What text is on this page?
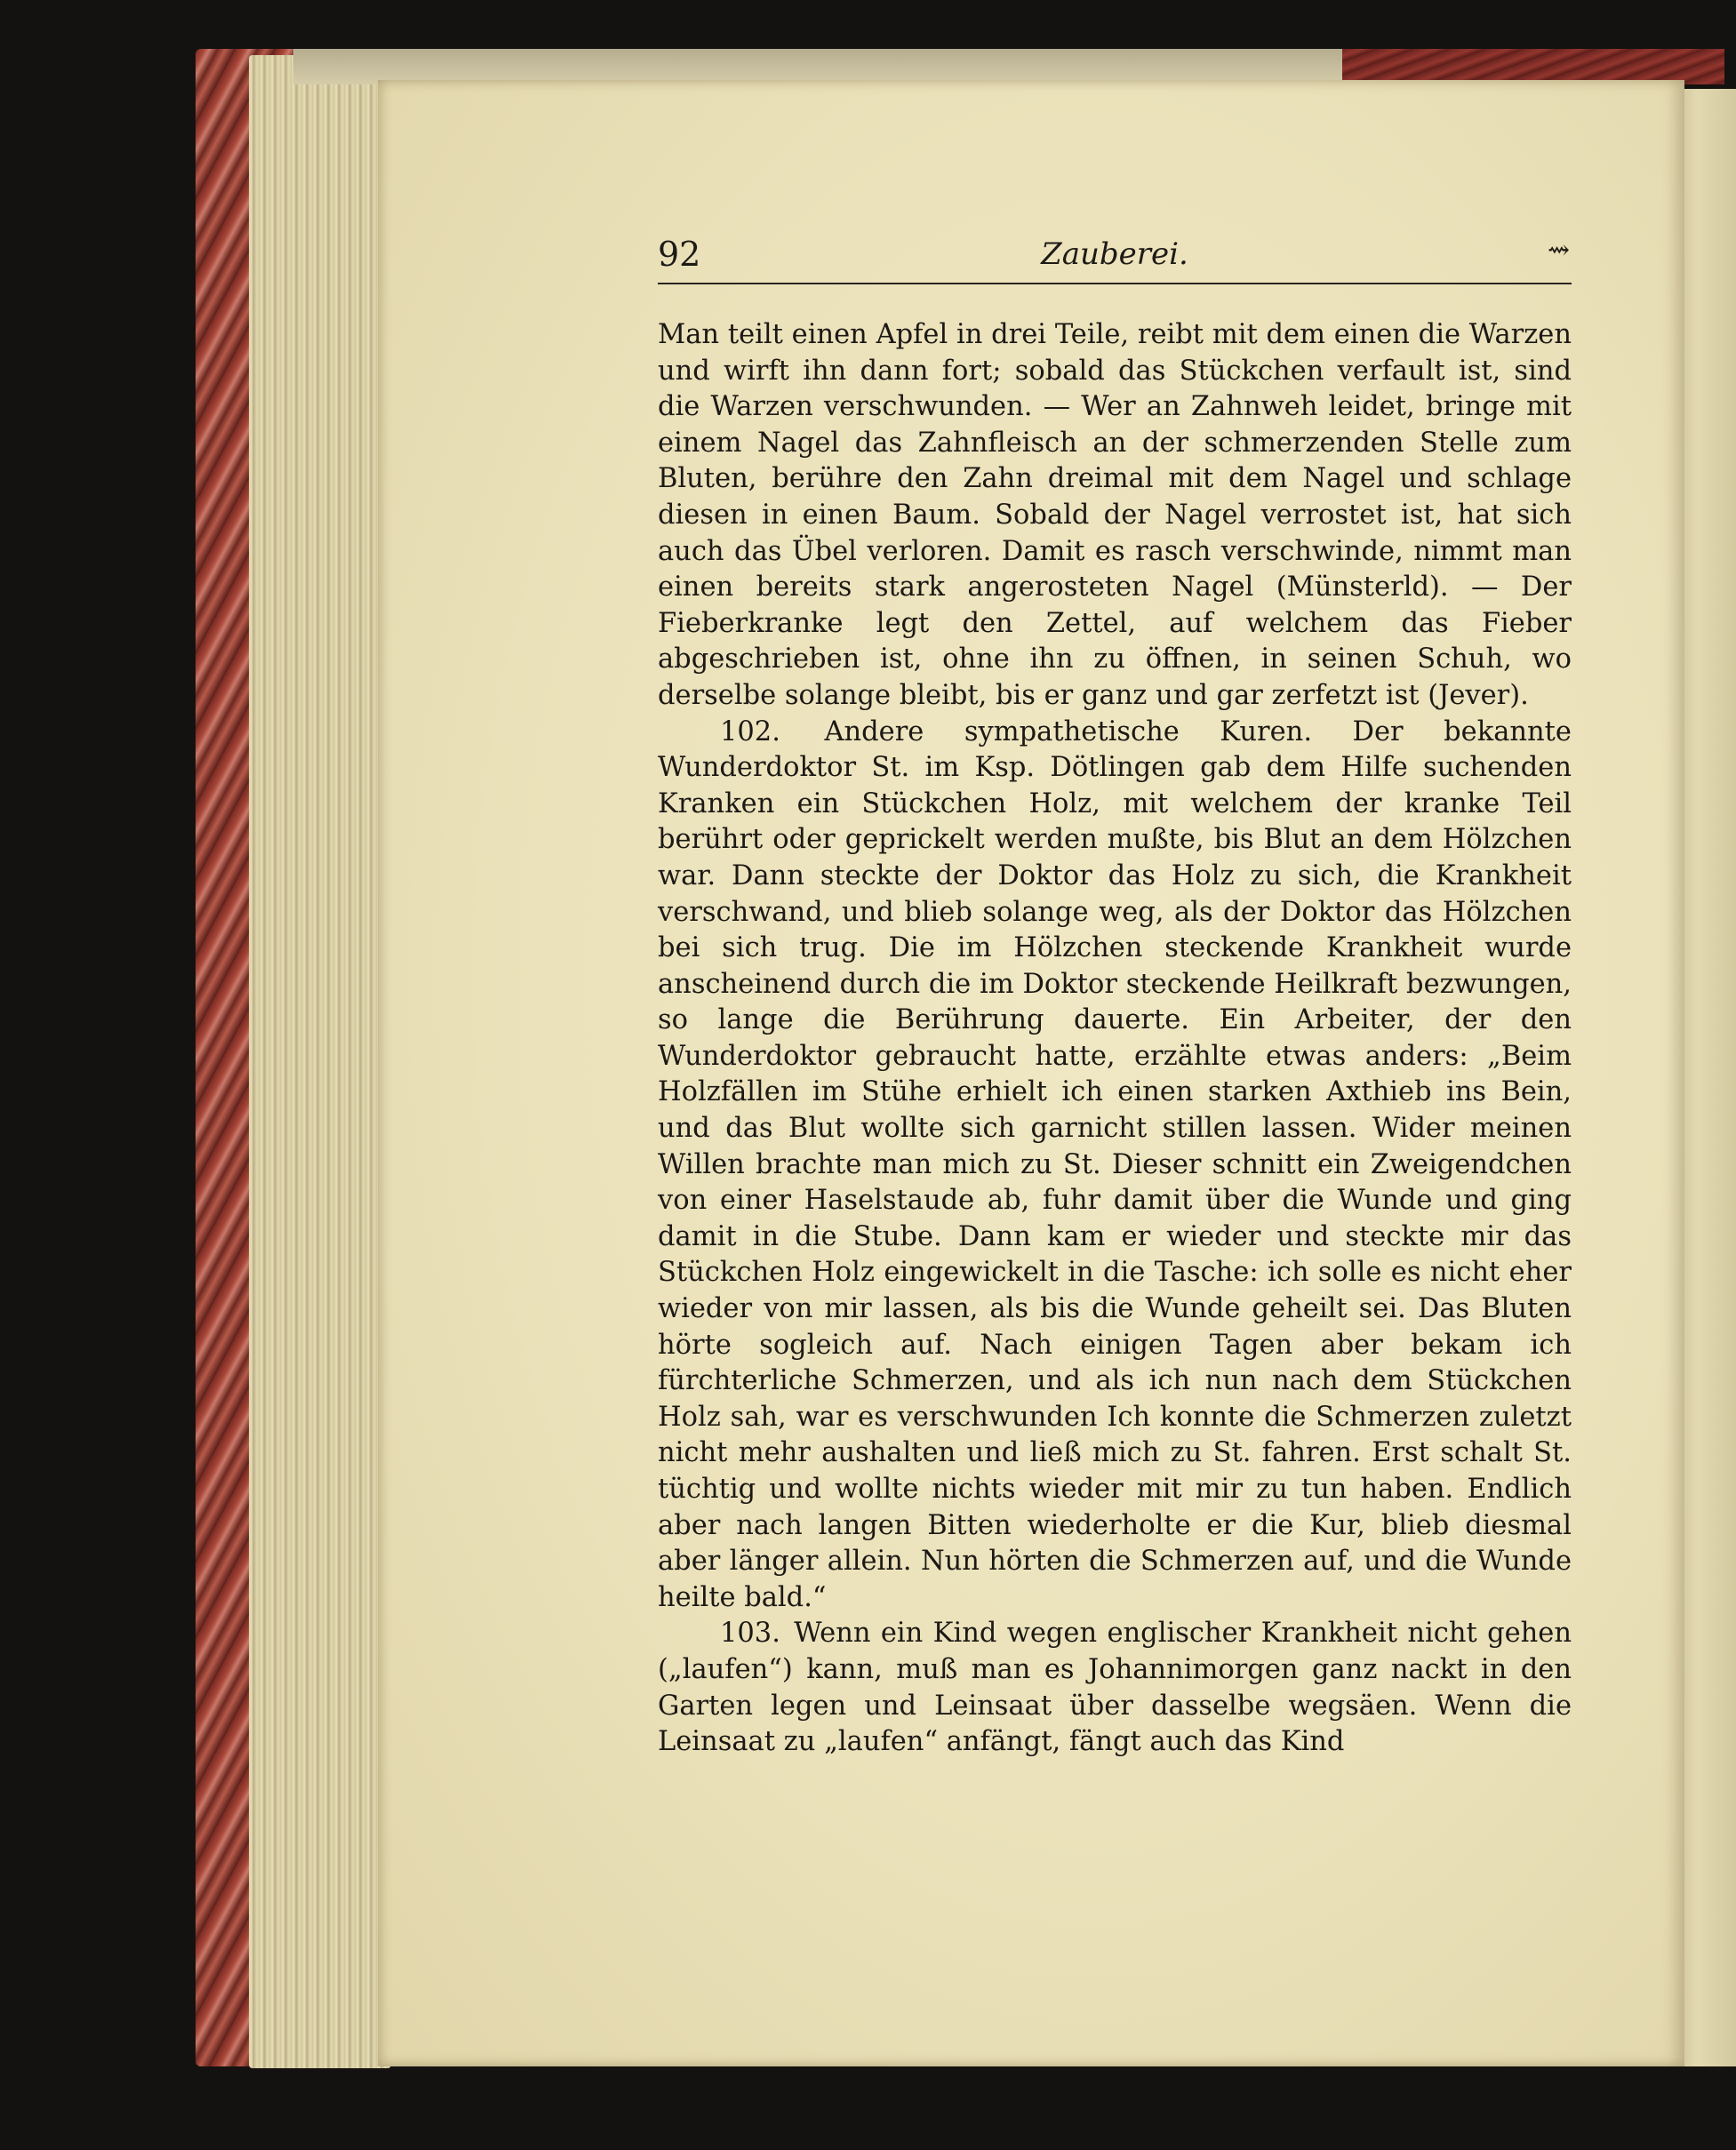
92	Zauberei.	⇝

Man teilt einen Apfel in drei Teile, reibt mit dem einen die Warzen und wirft ihn dann fort; sobald das Stückchen verfault ist, sind die Warzen verschwunden. — Wer an Zahnweh leidet, bringe mit einem Nagel das Zahnfleisch an der schmerzenden Stelle zum Bluten, berühre den Zahn dreimal mit dem Nagel und schlage diesen in einen Baum. Sobald der Nagel verrostet ist, hat sich auch das Übel verloren. Damit es rasch verschwinde, nimmt man einen bereits stark angerosteten Nagel (Münsterld). — Der Fieberkranke legt den Zettel, auf welchem das Fieber abgeschrieben ist, ohne ihn zu öffnen, in seinen Schuh, wo derselbe solange bleibt, bis er ganz und gar zerfetzt ist (Jever).

102. Andere sympathetische Kuren. Der bekannte Wunderdoktor St. im Ksp. Dötlingen gab dem Hilfe suchenden Kranken ein Stückchen Holz, mit welchem der kranke Teil berührt oder geprickelt werden mußte, bis Blut an dem Hölzchen war. Dann steckte der Doktor das Holz zu sich, die Krankheit verschwand, und blieb solange weg, als der Doktor das Hölzchen bei sich trug. Die im Hölzchen steckende Krankheit wurde anscheinend durch die im Doktor steckende Heilkraft bezwungen, so lange die Berührung dauerte. Ein Arbeiter, der den Wunderdoktor gebraucht hatte, erzählte etwas anders: „Beim Holzfällen im Stühe erhielt ich einen starken Axthieb ins Bein, und das Blut wollte sich garnicht stillen lassen. Wider meinen Willen brachte man mich zu St. Dieser schnitt ein Zweigendchen von einer Haselstaude ab, fuhr damit über die Wunde und ging damit in die Stube. Dann kam er wieder und steckte mir das Stückchen Holz eingewickelt in die Tasche: ich solle es nicht eher wieder von mir lassen, als bis die Wunde geheilt sei. Das Bluten hörte sogleich auf. Nach einigen Tagen aber bekam ich fürchterliche Schmerzen, und als ich nun nach dem Stückchen Holz sah, war es verschwunden Ich konnte die Schmerzen zuletzt nicht mehr aushalten und ließ mich zu St. fahren. Erst schalt St. tüchtig und wollte nichts wieder mit mir zu tun haben. Endlich aber nach langen Bitten wiederholte er die Kur, blieb diesmal aber länger allein. Nun hörten die Schmerzen auf, und die Wunde heilte bald.“

103. Wenn ein Kind wegen englischer Krankheit nicht gehen („laufen“) kann, muß man es Johannimorgen ganz nackt in den Garten legen und Leinsaat über dasselbe wegsäen. Wenn die Leinsaat zu „laufen“ anfängt, fängt auch das Kind
